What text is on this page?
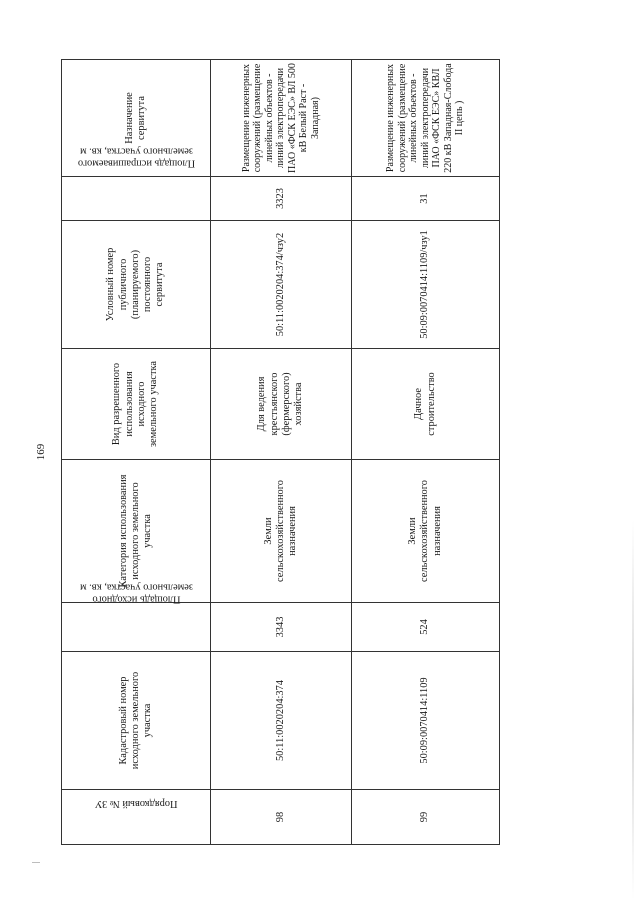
169
Порядковый № ЗУ	Кадастровый номер исходного земельного участка	Площадь исходного земельного участка, кв. м	Категория использования исходного земельного участка	Вид разрешенного использования исходного земельного участка	Условный номер публичного (планируемого) постоянного сервитута	Площадь испрашиваемого земельного участка, кв. м	Назначение сервитута
98	50:11:0020204:374	3343	Земли сельскохозяйственного назначения	Для ведения крестьянского (фермерского) хозяйства	50:11:0020204:374/чзу2	3323	Размещение инженерных сооружений (размещение линейных объектов - линий электропередачи ПАО «ФСК ЕЭС» ВЛ 500 кВ Белый Раст - Западная)
99	50:09:0070414:1109	524	Земли сельскохозяйственного назначения	Дачное строительство	50:09:0070414:1109/чзу1	31	Размещение инженерных сооружений (размещение линейных объектов - линий электропередачи ПАО «ФСК ЕЭС» КВЛ 220 кВ Западная-Слобода II цепь )
